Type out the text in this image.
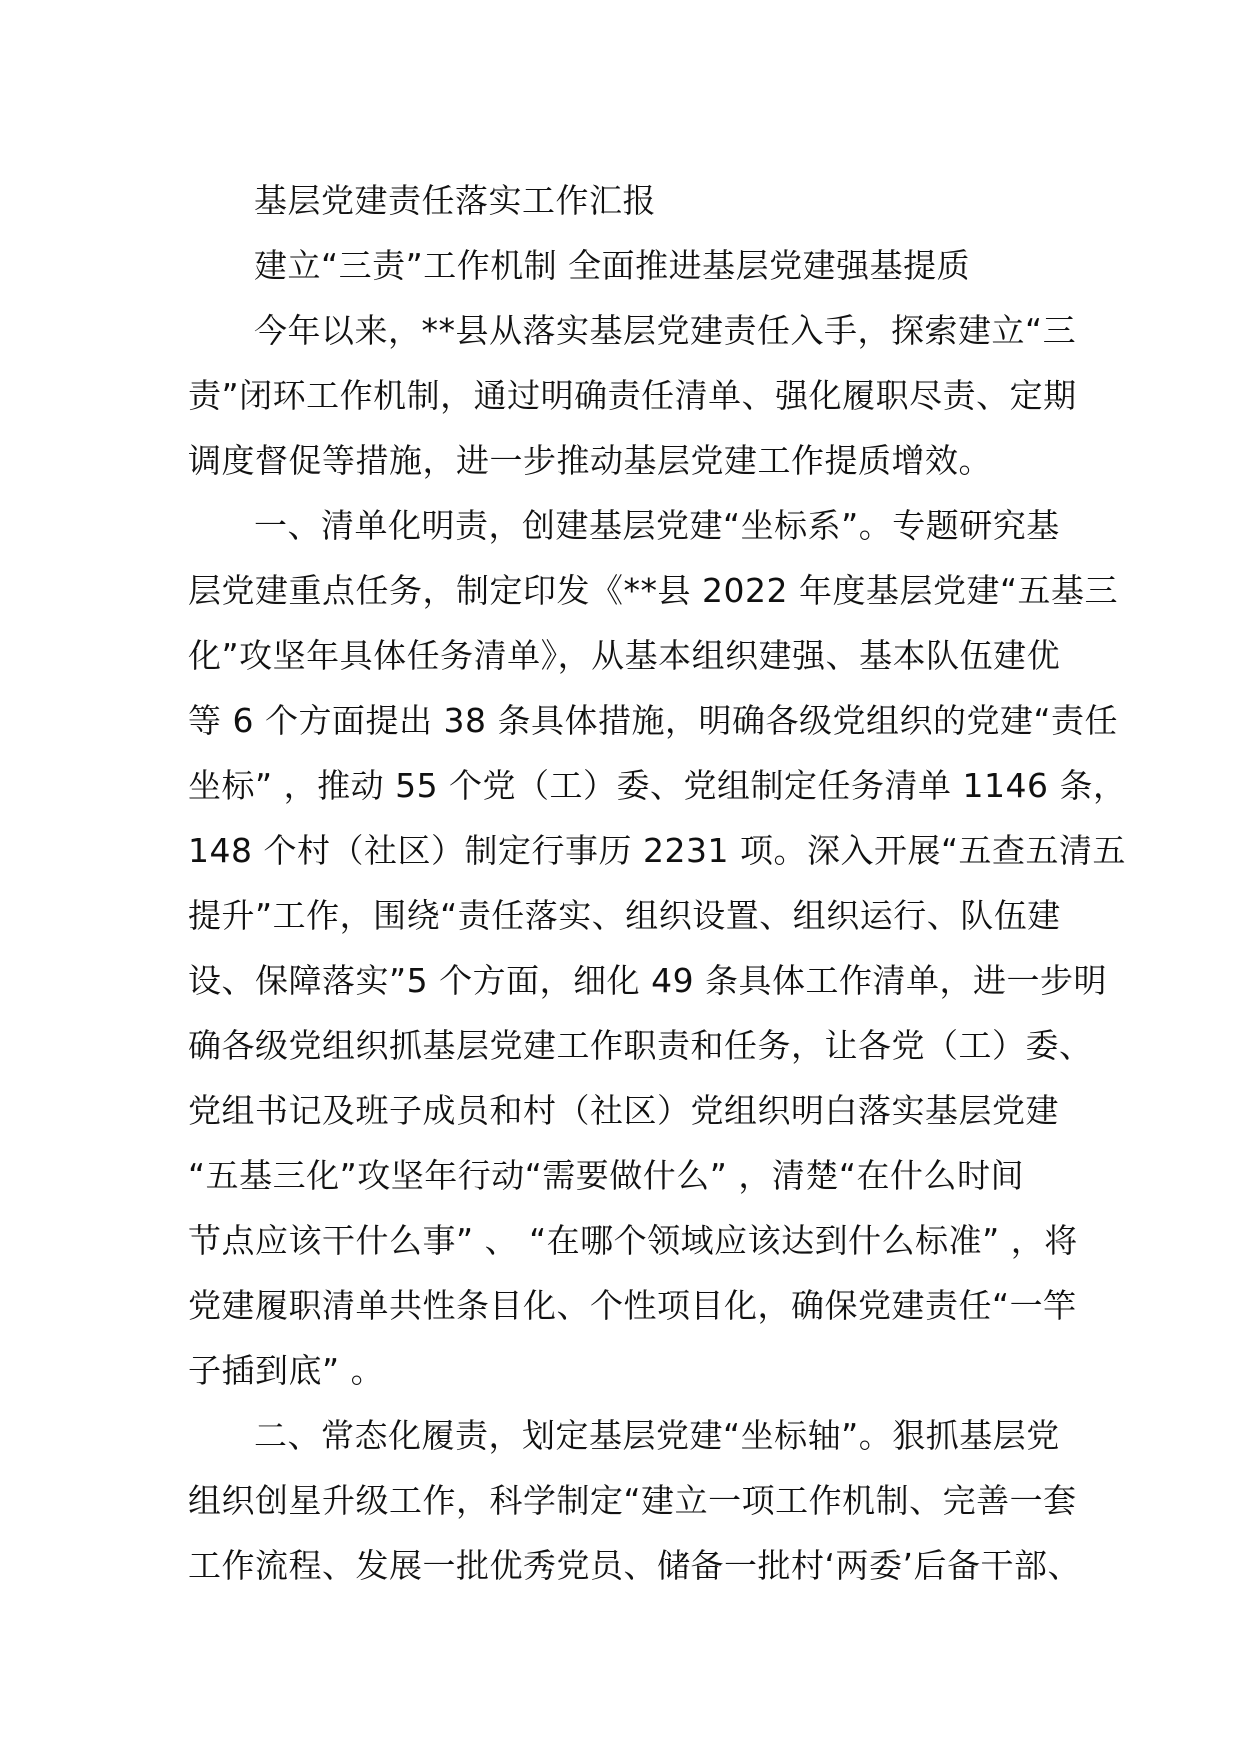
基层党建责任落实工作汇报
建立“三责”工作机制 全面推进基层党建强基提质
今年以来，**县从落实基层党建责任入手，探索建立“三
责”闭环工作机制，通过明确责任清单、强化履职尽责、定期
调度督促等措施，进一步推动基层党建工作提质增效。
一、清单化明责，创建基层党建“坐标系”。专题研究基
层党建重点任务，制定印发《**县 2022 年度基层党建“五基三
化”攻坚年具体任务清单》，从基本组织建强、基本队伍建优
等 6 个方面提出 38 条具体措施，明确各级党组织的党建“责任
坐标” ，推动 55 个党（工）委、党组制定任务清单 1146 条，
148 个村（社区）制定行事历 2231 项。深入开展“五查五清五
提升”工作，围绕“责任落实、组织设置、组织运行、队伍建
设、保障落实”5 个方面，细化 49 条具体工作清单，进一步明
确各级党组织抓基层党建工作职责和任务，让各党（工）委、
党组书记及班子成员和村（社区）党组织明白落实基层党建
“五基三化”攻坚年行动“需要做什么” ，清楚“在什么时间
节点应该干什么事” 、 “在哪个领域应该达到什么标准” ，将
党建履职清单共性条目化、个性项目化，确保党建责任“一竿
子插到底” 。
二、常态化履责，划定基层党建“坐标轴”。狠抓基层党
组织创星升级工作，科学制定“建立一项工作机制、完善一套
工作流程、发展一批优秀党员、储备一批村‘两委’后备干部、
